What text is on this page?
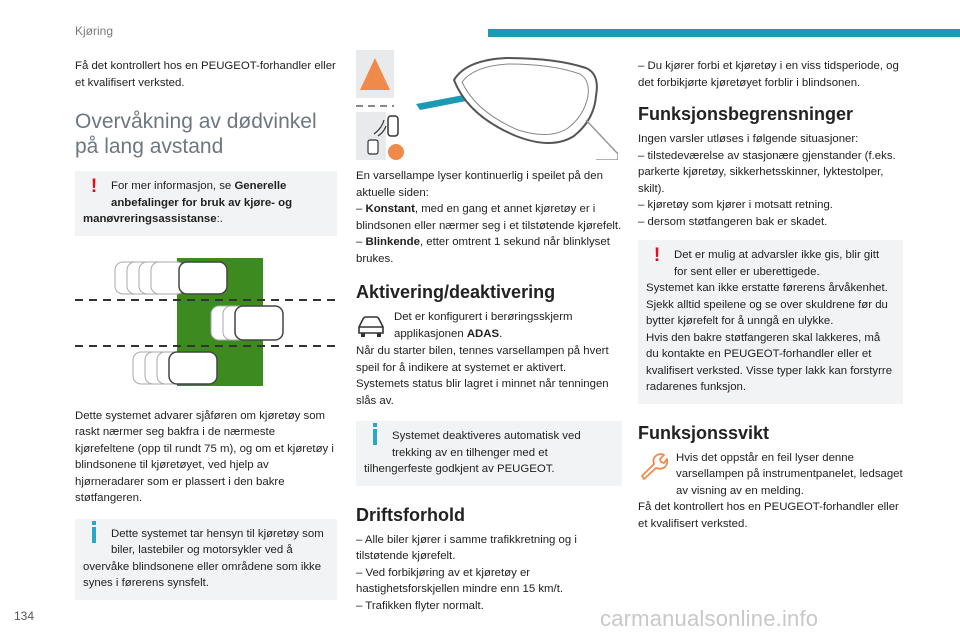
Kjøring

Få det kontrollert hos en PEUGEOT-forhandler eller et kvalifisert verksted.

Overvåkning av dødvinkel på lang avstand
!	For mer informasjon, se Generelle anbefalinger for bruk av kjøre- og manøvreringsassistanse:.

Dette systemet advarer sjåføren om kjøretøy som raskt nærmer seg bakfra i de nærmeste kjørefeltene (opp til rundt 75 m), og om et kjøretøy i blindsonene til kjøretøyet, ved hjelp av hjørneradarer som er plassert i den bakre støtfangeren.

Dette systemet tar hensyn til kjøretøy som biler, lastebiler og motorsykler ved å overvåke blindsonene eller områdene som ikke synes i førerens synsfelt.

En varsellampe lyser kontinuerlig i speilet på den aktuelle siden:

– Konstant, med en gang et annet kjøretøy er i blindsonen eller nærmer seg i et tilstøtende kjørefelt.

– Blinkende, etter omtrent 1 sekund når blinklyset brukes.

Aktivering/deaktivering
Det er konfigurert i berøringsskjerm applikasjonen ADAS.

Når du starter bilen, tennes varsellampen på hvert speil for å indikere at systemet er aktivert. Systemets status blir lagret i minnet når tenningen slås av.

Systemet deaktiveres automatisk ved trekking av en tilhenger med et tilhengerfeste godkjent av PEUGEOT.
Driftsforhold

– Alle biler kjører i samme trafikkretning og i tilstøtende kjørefelt.

– Ved forbikjøring av et kjøretøy er hastighetsforskjellen mindre enn 15 km/t.

– Trafikken flyter normalt.

– Du kjører forbi et kjøretøy i en viss tidsperiode, og det forbikjørte kjøretøyet forblir i blindsonen.

Funksjonsbegrensninger

Ingen varsler utløses i følgende situasjoner:

– tilstedeværelse av stasjonære gjenstander (f.eks. parkerte kjøretøy, sikkerhetsskinner, lyktestolper, skilt).

– kjøretøy som kjører i motsatt retning.

– dersom støtfangeren bak er skadet.

!	Det er mulig at advarsler ikke gis, blir gitt for sent eller er uberettigede.
Systemet kan ikke erstatte førerens årvåkenhet. Sjekk alltid speilene og se over skuldrene før du bytter kjørefelt for å unngå en ulykke.
Hvis den bakre støtfangeren skal lakkeres, må du kontakte en PEUGEOT-forhandler eller et kvalifisert verksted. Visse typer lakk kan forstyrre radarenes funksjon.
Funksjonssvikt
Hvis det oppstår en feil lyser denne varsellampen på instrumentpanelet, ledsaget av visning av en melding.

Få det kontrollert hos en PEUGEOT-forhandler eller et kvalifisert verksted.

134	carmanualsonline.info
